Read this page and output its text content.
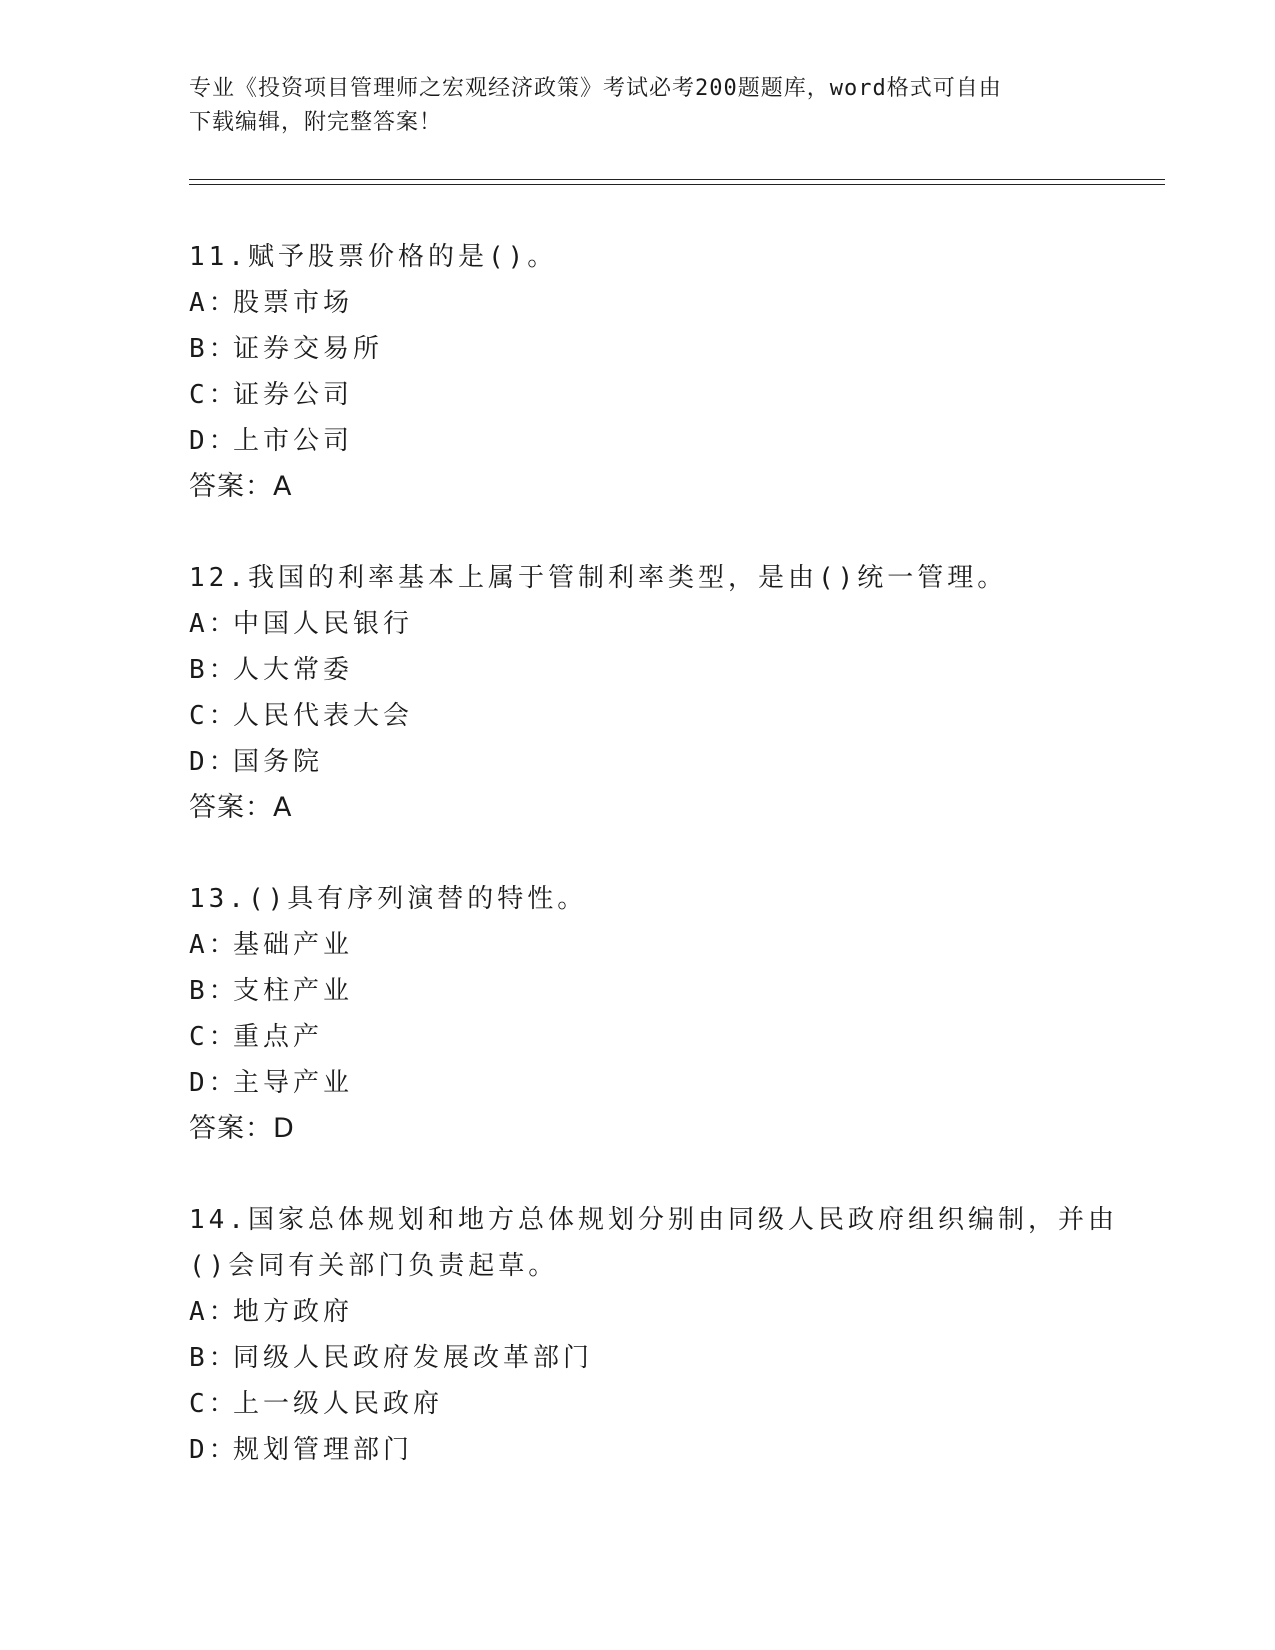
专业《投资项目管理师之宏观经济政策》考试必考200题题库，word格式可自由
下载编辑，附完整答案！
11.赋予股票价格的是()。
A：股票市场
B：证券交易所
C：证券公司
D：上市公司
答案：A
12.我国的利率基本上属于管制利率类型，是由()统一管理。
A：中国人民银行
B：人大常委
C：人民代表大会
D：国务院
答案：A
13.()具有序列演替的特性。
A：基础产业
B：支柱产业
C：重点产
D：主导产业
答案：D
14.国家总体规划和地方总体规划分别由同级人民政府组织编制，并由
()会同有关部门负责起草。
A：地方政府
B：同级人民政府发展改革部门
C：上一级人民政府
D：规划管理部门
